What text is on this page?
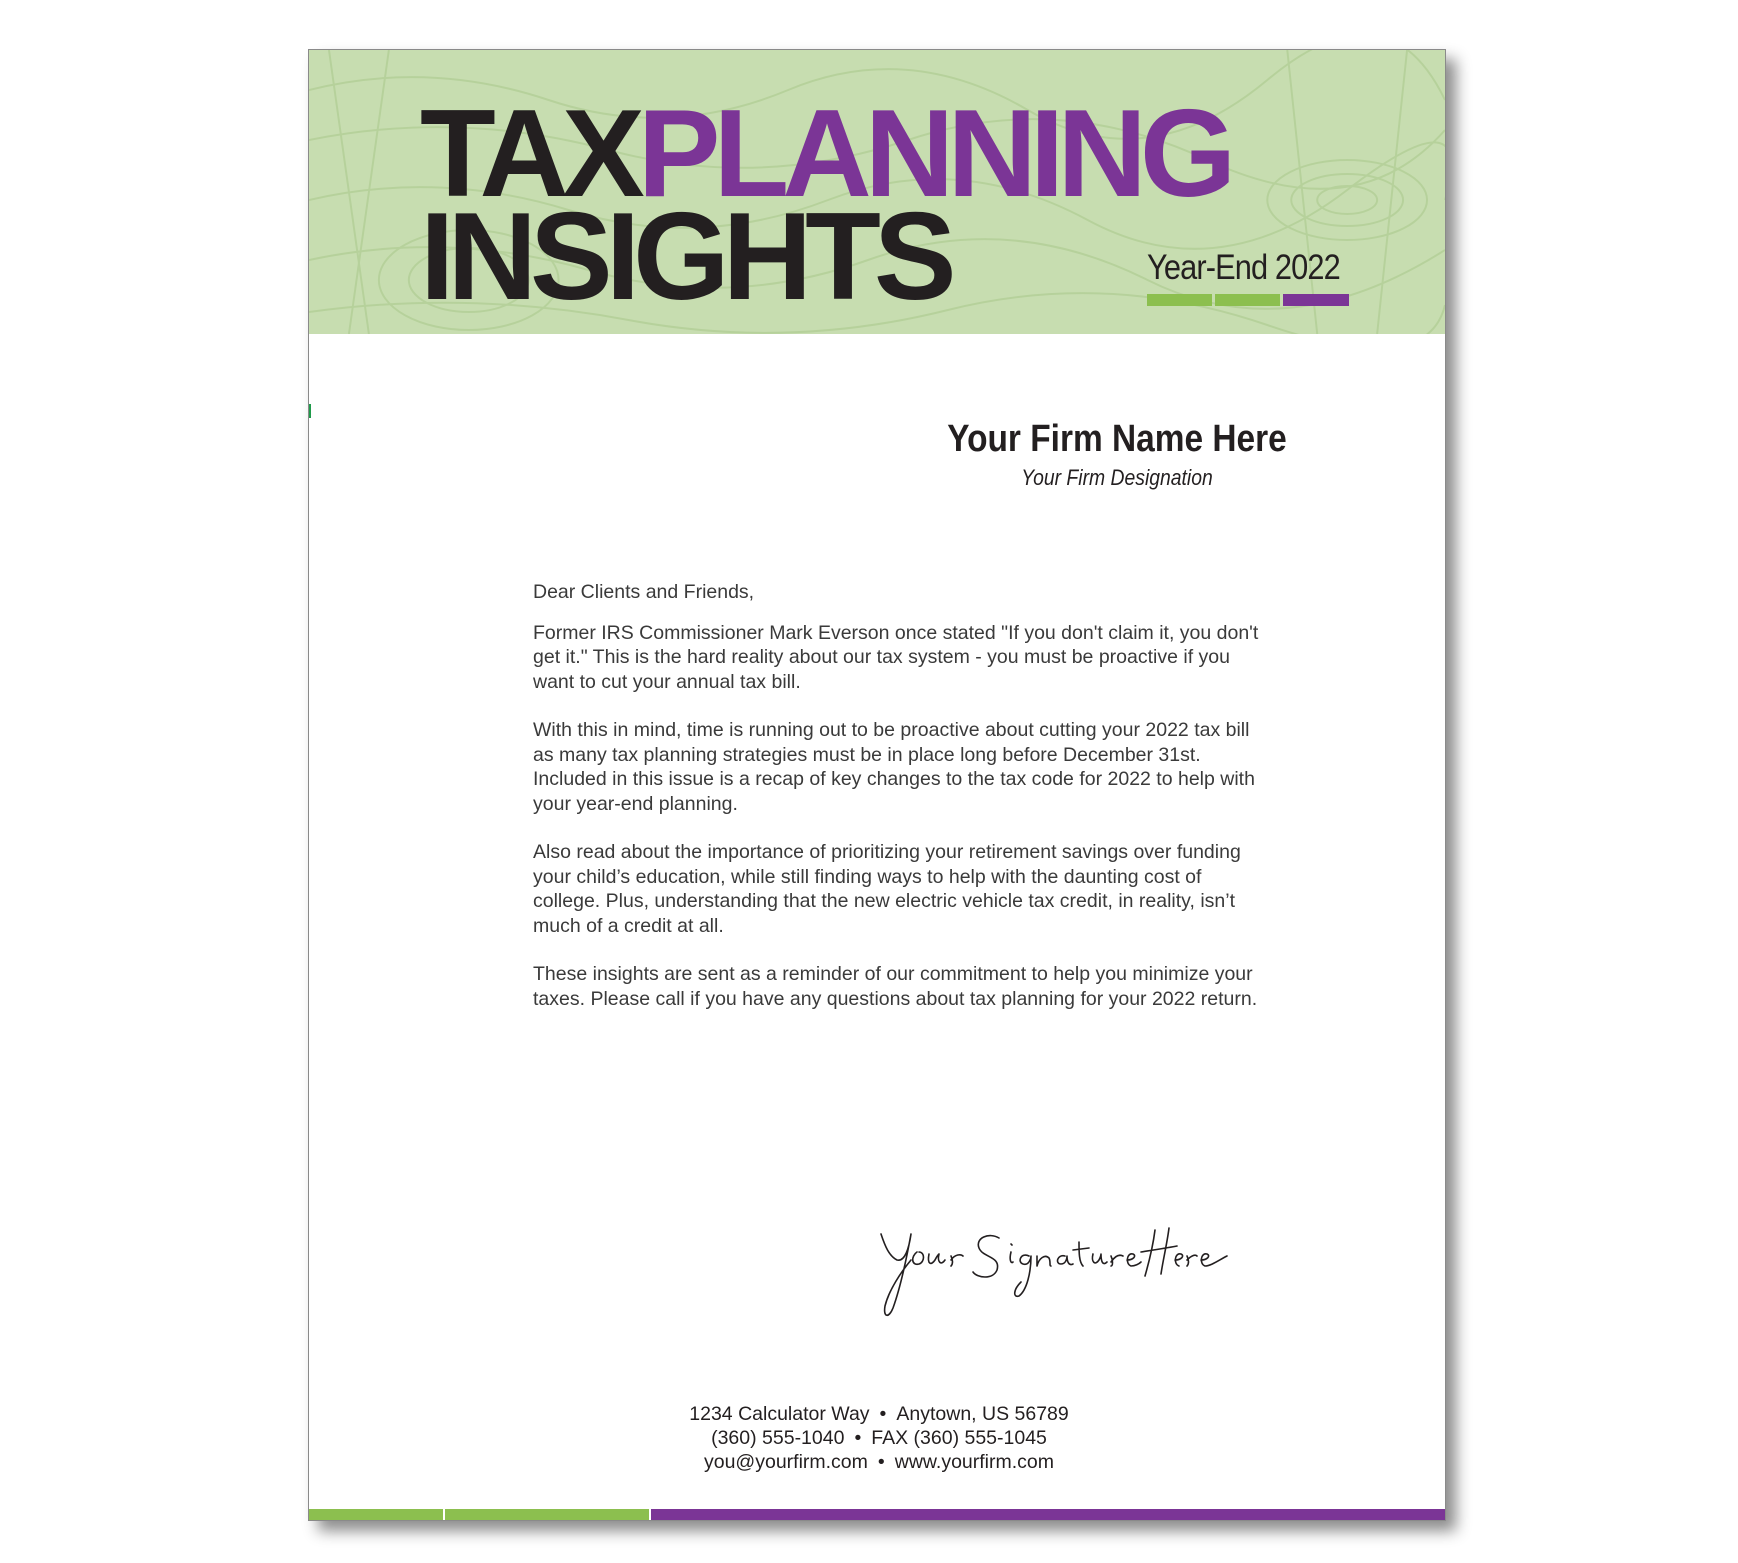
TAXPLANNING
INSIGHTS	Year-End 2022
Your Firm Name Here
Your Firm Designation

Dear Clients and Friends,

Former IRS Commissioner Mark Everson once stated "If you don't claim it, you don't get it." This is the hard reality about our tax system - you must be proactive if you want to cut your annual tax bill.

With this in mind, time is running out to be proactive about cutting your 2022 tax bill as many tax planning strategies must be in place long before December 31st. Included in this issue is a recap of key changes to the tax code for 2022 to help with your year-end planning.

Also read about the importance of prioritizing your retirement savings over funding your child’s education, while still finding ways to help with the daunting cost of college. Plus, understanding that the new electric vehicle tax credit, in reality, isn’t much of a credit at all.

These insights are sent as a reminder of our commitment to help you minimize your taxes. Please call if you have any questions about tax planning for your 2022 return.

1234 Calculator Way • Anytown, US 56789
(360) 555-1040 • FAX (360) 555-1045
you@yourfirm.com • www.yourfirm.com
